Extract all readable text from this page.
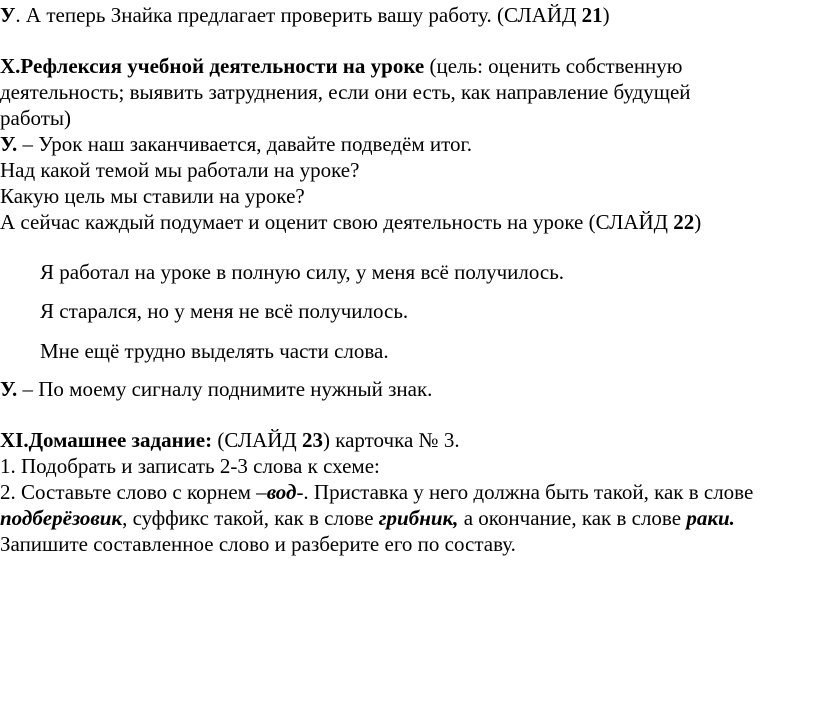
У. А теперь Знайка предлагает проверить вашу работу. (СЛАЙД 21)
X.Рефлексия учебной деятельности на уроке (цель: оценить собственную
деятельность; выявить затруднения, если они есть, как направление будущей
работы)
У. – Урок наш заканчивается, давайте подведём итог.
Над какой темой мы работали на уроке?
Какую цель мы ставили на уроке?
А сейчас каждый подумает и оценит свою деятельность на уроке (СЛАЙД 22)
Я работал на уроке в полную силу, у меня всё получилось.
Я старался, но у меня не всё получилось.
Мне ещё трудно выделять части слова.
У. – По моему сигналу поднимите нужный знак.
XI.Домашнее задание: (СЛАЙД 23) карточка № 3.
1. Подобрать и записать 2-3 слова к схеме:
2. Составьте слово с корнем –вод-. Приставка у него должна быть такой, как в слове
подберёзовик, суффикс такой, как в слове грибник, а окончание, как в слове раки.
Запишите составленное слово и разберите его по составу.
